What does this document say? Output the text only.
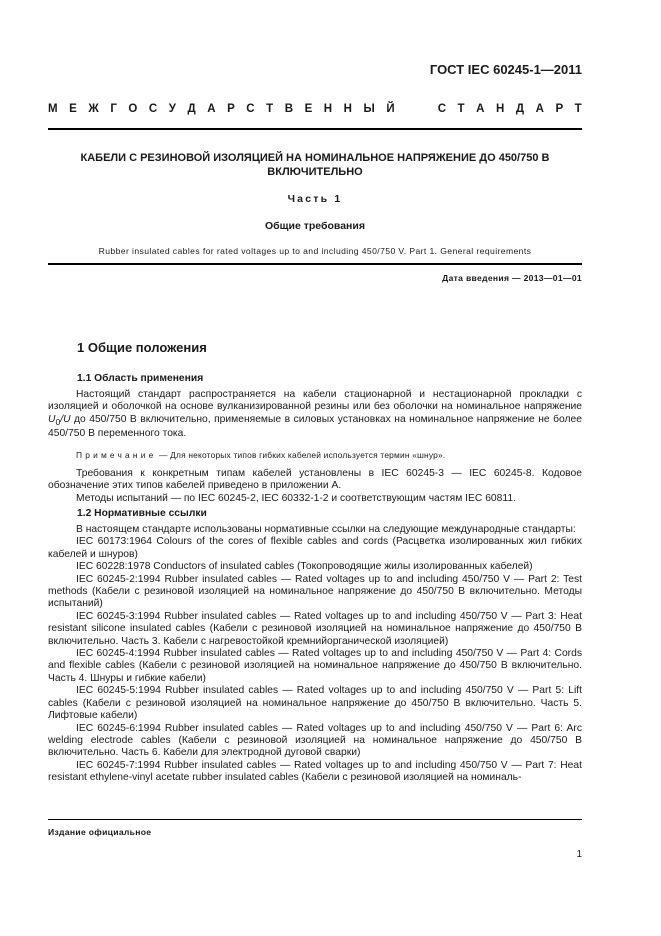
ГОСТ IEC 60245-1—2011
М Е Ж Г О С У Д А Р С Т В Е Н Н Ы Й	С Т А Н Д А Р Т
КАБЕЛИ С РЕЗИНОВОЙ ИЗОЛЯЦИЕЙ НА НОМИНАЛЬНОЕ НАПРЯЖЕНИЕ ДО 450/750 В
ВКЛЮЧИТЕЛЬНО
Часть 1
Общие требования
Rubber insulated cables for rated voltages up to and including 450/750 V. Part 1. General requirements
Дата введения — 2013—01—01
1 Общие положения
1.1 Область применения

Настоящий стандарт распространяется на кабели стационарной и нестационарной прокладки с изоляцией и оболочкой на основе вулканизированной резины или без оболочки на номинальное напряжение $U_0/U$ до 450/750 В включительно, применяемые в силовых установках на номинальное напряжение не более 450/750 В переменного тока.

Примечание — Для некоторых типов гибких кабелей используется термин «шнур».

Требования к конкретным типам кабелей установлены в IEC 60245-3 — IEC 60245-8. Кодовое обозначение этих типов кабелей приведено в приложении А.

Методы испытаний — по IEC 60245-2, IEC 60332-1-2 и соответствующим частям IEC 60811.

1.2 Нормативные ссылки

В настоящем стандарте использованы нормативные ссылки на следующие международные стандарты:

IEC 60173:1964 Colours of the cores of flexible cables and cords (Расцветка изолированных жил гибких кабелей и шнуров)

IEC 60228:1978 Conductors of insulated cables (Токопроводящие жилы изолированных кабелей)

IEC 60245-2:1994 Rubber insulated cables — Rated voltages up to and including 450/750 V — Part 2: Test methods (Кабели с резиновой изоляцией на номинальное напряжение до 450/750 В включительно. Методы испытаний)

IEC 60245-3:1994 Rubber insulated cables — Rated voltages up to and including 450/750 V — Part 3: Heat resistant silicone insulated cables (Кабели с резиновой изоляцией на номинальное напряжение до 450/750 В включительно. Часть 3. Кабели с нагревостойкой кремнийорганической изоляцией)

IEC 60245-4:1994 Rubber insulated cables — Rated voltages up to and including 450/750 V — Part 4: Cords and flexible cables (Кабели с резиновой изоляцией на номинальное напряжение до 450/750 В включительно. Часть 4. Шнуры и гибкие кабели)

IEC 60245-5:1994 Rubber insulated cables — Rated voltages up to and including 450/750 V — Part 5: Lift cables (Кабели с резиновой изоляцией на номинальное напряжение до 450/750 В включительно. Часть 5. Лифтовые кабели)

IEC 60245-6:1994 Rubber insulated cables — Rated voltages up to and including 450/750 V — Part 6: Arc welding electrode cables (Кабели с резиновой изоляцией на номинальное напряжение до 450/750 В включительно. Часть 6. Кабели для электродной дуговой сварки)

IEC 60245-7:1994 Rubber insulated cables — Rated voltages up to and including 450/750 V — Part 7: Heat resistant ethylene-vinyl acetate rubber insulated cables (Кабели с резиновой изоляцией на номиналь-

Издание официальное
1
